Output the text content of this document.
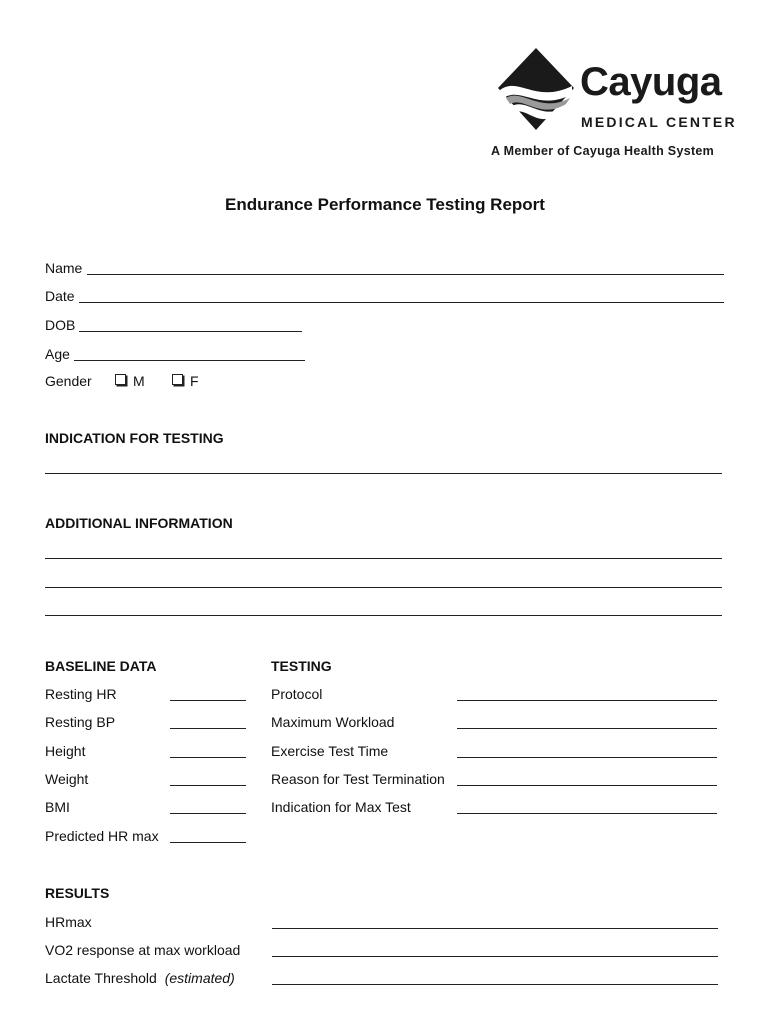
Cayuga
MEDICAL CENTER
A Member of Cayuga Health System
Endurance Performance Testing Report
Name
Date
DOB
Age
Gender	M	F
INDICATION FOR TESTING
ADDITIONAL INFORMATION
BASELINE DATA
Resting HR
Resting BP
Height
Weight
BMI
Predicted HR max
TESTING
Protocol
Maximum Workload
Exercise Test Time
Reason for Test Termination
Indication for Max Test
RESULTS
HRmax
VO2 response at max workload
Lactate Threshold (estimated)
